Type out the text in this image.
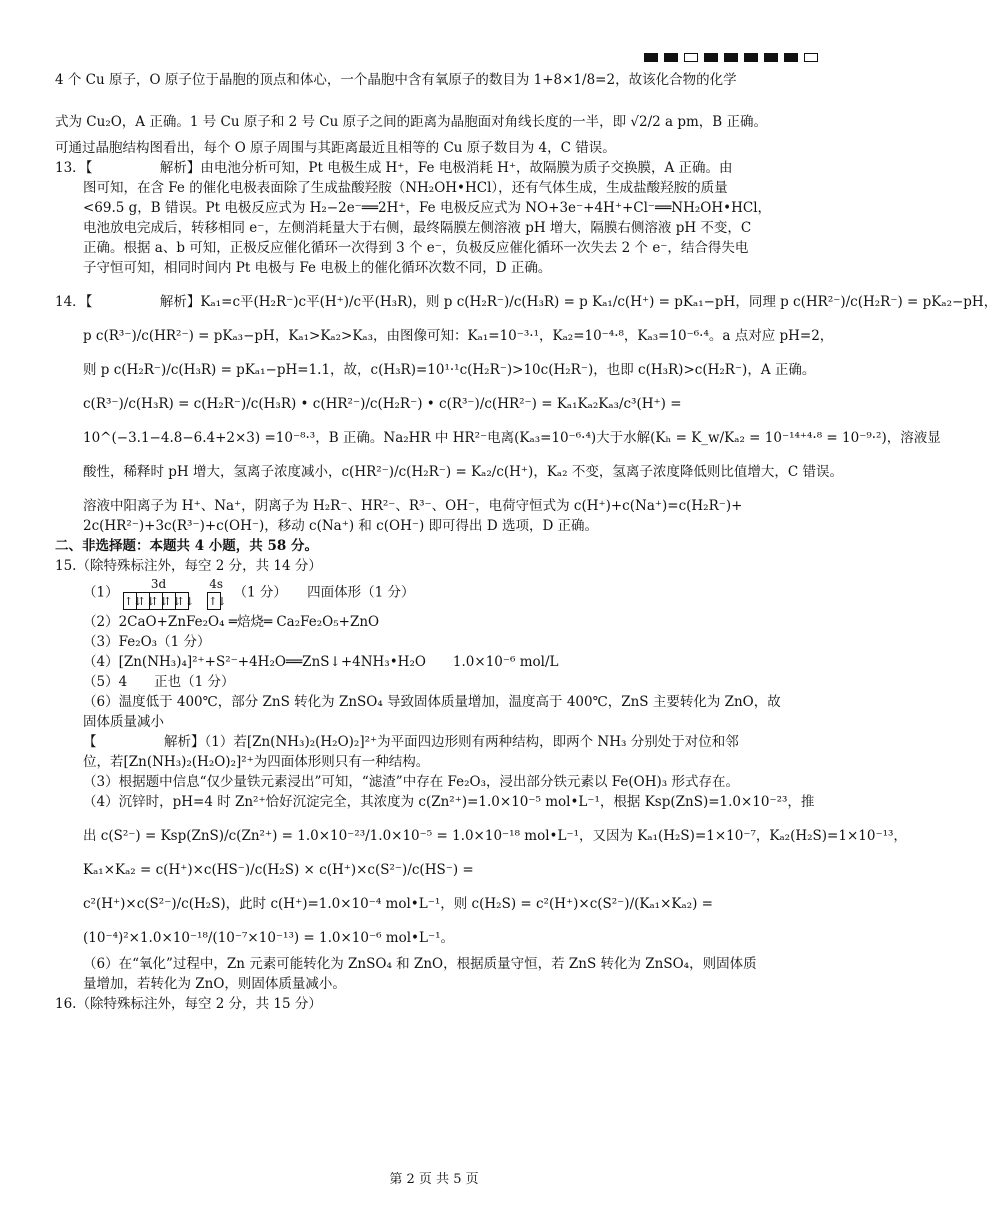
4 个 Cu 原子，O 原子位于晶胞的顶点和体心，一个晶胞中含有氧原子的数目为 1+8×1/8=2，故该化合物的化学
式为 Cu₂O，A 正确。1 号 Cu 原子和 2 号 Cu 原子之间的距离为晶胞面对角线长度的一半，即 √2/2 a pm，B 正确。
可通过晶胞结构图看出，每个 O 原子周围与其距离最近且相等的 Cu 原子数目为 4，C 错误。
13．【　　　　　解析】由电池分析可知，Pt 电极生成 H⁺，Fe 电极消耗 H⁺，故隔膜为质子交换膜，A 正确。由
图可知，在含 Fe 的催化电极表面除了生成盐酸羟胺（NH₂OH•HCl），还有气体生成，生成盐酸羟胺的质量
<69.5 g，B 错误。Pt 电极反应式为 H₂−2e⁻══2H⁺，Fe 电极反应式为 NO+3e⁻+4H⁺+Cl⁻══NH₂OH•HCl，
电池放电完成后，转移相同 e⁻，左侧消耗量大于右侧，最终隔膜左侧溶液 pH 增大，隔膜右侧溶液 pH 不变，C
正确。根据 a、b 可知，正极反应催化循环一次得到 3 个 e⁻，负极反应催化循环一次失去 2 个 e⁻，结合得失电
子守恒可知，相同时间内 Pt 电极与 Fe 电极上的催化循环次数不同，D 正确。
14．【　　　　　解析】Kₐ₁=c平(H₂R⁻)c平(H⁺)/c平(H₃R)，则 p c(H₂R⁻)/c(H₃R) = p Kₐ₁/c(H⁺) = pKₐ₁−pH，同理 p c(HR²⁻)/c(H₂R⁻) = pKₐ₂−pH，
p c(R³⁻)/c(HR²⁻) = pKₐ₃−pH，Kₐ₁>Kₐ₂>Kₐ₃，由图像可知：Kₐ₁=10⁻³·¹，Kₐ₂=10⁻⁴·⁸，Kₐ₃=10⁻⁶·⁴。a 点对应 pH=2，
则 p c(H₂R⁻)/c(H₃R) = pKₐ₁−pH=1.1，故，c(H₃R)=10¹·¹c(H₂R⁻)>10c(H₂R⁻)，也即 c(H₃R)>c(H₂R⁻)，A 正确。
c(R³⁻)/c(H₃R) = c(H₂R⁻)/c(H₃R) • c(HR²⁻)/c(H₂R⁻) • c(R³⁻)/c(HR²⁻) = Kₐ₁Kₐ₂Kₐ₃/c³(H⁺) =
10^(−3.1−4.8−6.4+2×3) =10⁻⁸·³，B 正确。Na₂HR 中 HR²⁻电离(Kₐ₃=10⁻⁶·⁴)大于水解(Kₕ = K_w/Kₐ₂ = 10⁻¹⁴⁺⁴·⁸ = 10⁻⁹·²)，溶液显
酸性，稀释时 pH 增大，氢离子浓度减小，c(HR²⁻)/c(H₂R⁻) = Kₐ₂/c(H⁺)，Kₐ₂ 不变，氢离子浓度降低则比值增大，C 错误。
溶液中阳离子为 H⁺、Na⁺，阴离子为 H₂R⁻、HR²⁻、R³⁻、OH⁻，电荷守恒式为 c(H⁺)+c(Na⁺)=c(H₂R⁻)+
2c(HR²⁻)+3c(R³⁻)+c(OH⁻)，移动 c(Na⁺) 和 c(OH⁻) 即可得出 D 选项，D 正确。
二、非选择题：本题共 4 小题，共 58 分。
15.（除特殊标注外，每空 2 分，共 14 分）
（1）
3d
↑↓
↑↓
↑↓
↑↓
↑↓

4s
↑↓
（1 分）　　四面体形（1 分）
（2）2CaO+ZnFe₂O₄ ═焙烧═ Ca₂Fe₂O₅+ZnO
（3）Fe₂O₃（1 分）
（4）[Zn(NH₃)₄]²⁺+S²⁻+4H₂O══ZnS↓+4NH₃•H₂O　　1.0×10⁻⁶ mol/L
（5）4　　正也（1 分）
（6）温度低于 400℃，部分 ZnS 转化为 ZnSO₄ 导致固体质量增加，温度高于 400℃，ZnS 主要转化为 ZnO，故
固体质量减小
【　　　　　解析】（1）若[Zn(NH₃)₂(H₂O)₂]²⁺为平面四边形则有两种结构，即两个 NH₃ 分别处于对位和邻
位，若[Zn(NH₃)₂(H₂O)₂]²⁺为四面体形则只有一种结构。
（3）根据题中信息“仅少量铁元素浸出”可知，“滤渣”中存在 Fe₂O₃，浸出部分铁元素以 Fe(OH)₃ 形式存在。
（4）沉锌时，pH=4 时 Zn²⁺恰好沉淀完全，其浓度为 c(Zn²⁺)=1.0×10⁻⁵ mol•L⁻¹，根据 Ksp(ZnS)=1.0×10⁻²³，推
出 c(S²⁻) = Ksp(ZnS)/c(Zn²⁺) = 1.0×10⁻²³/1.0×10⁻⁵ = 1.0×10⁻¹⁸ mol•L⁻¹，又因为 Kₐ₁(H₂S)=1×10⁻⁷，Kₐ₂(H₂S)=1×10⁻¹³，
Kₐ₁×Kₐ₂ = c(H⁺)×c(HS⁻)/c(H₂S) × c(H⁺)×c(S²⁻)/c(HS⁻) =
c²(H⁺)×c(S²⁻)/c(H₂S)，此时 c(H⁺)=1.0×10⁻⁴ mol•L⁻¹，则 c(H₂S) = c²(H⁺)×c(S²⁻)/(Kₐ₁×Kₐ₂) =
(10⁻⁴)²×1.0×10⁻¹⁸/(10⁻⁷×10⁻¹³) = 1.0×10⁻⁶ mol•L⁻¹。
（6）在“氧化”过程中，Zn 元素可能转化为 ZnSO₄ 和 ZnO，根据质量守恒，若 ZnS 转化为 ZnSO₄，则固体质
量增加，若转化为 ZnO，则固体质量减小。
16.（除特殊标注外，每空 2 分，共 15 分）
第 2 页 共 5 页
